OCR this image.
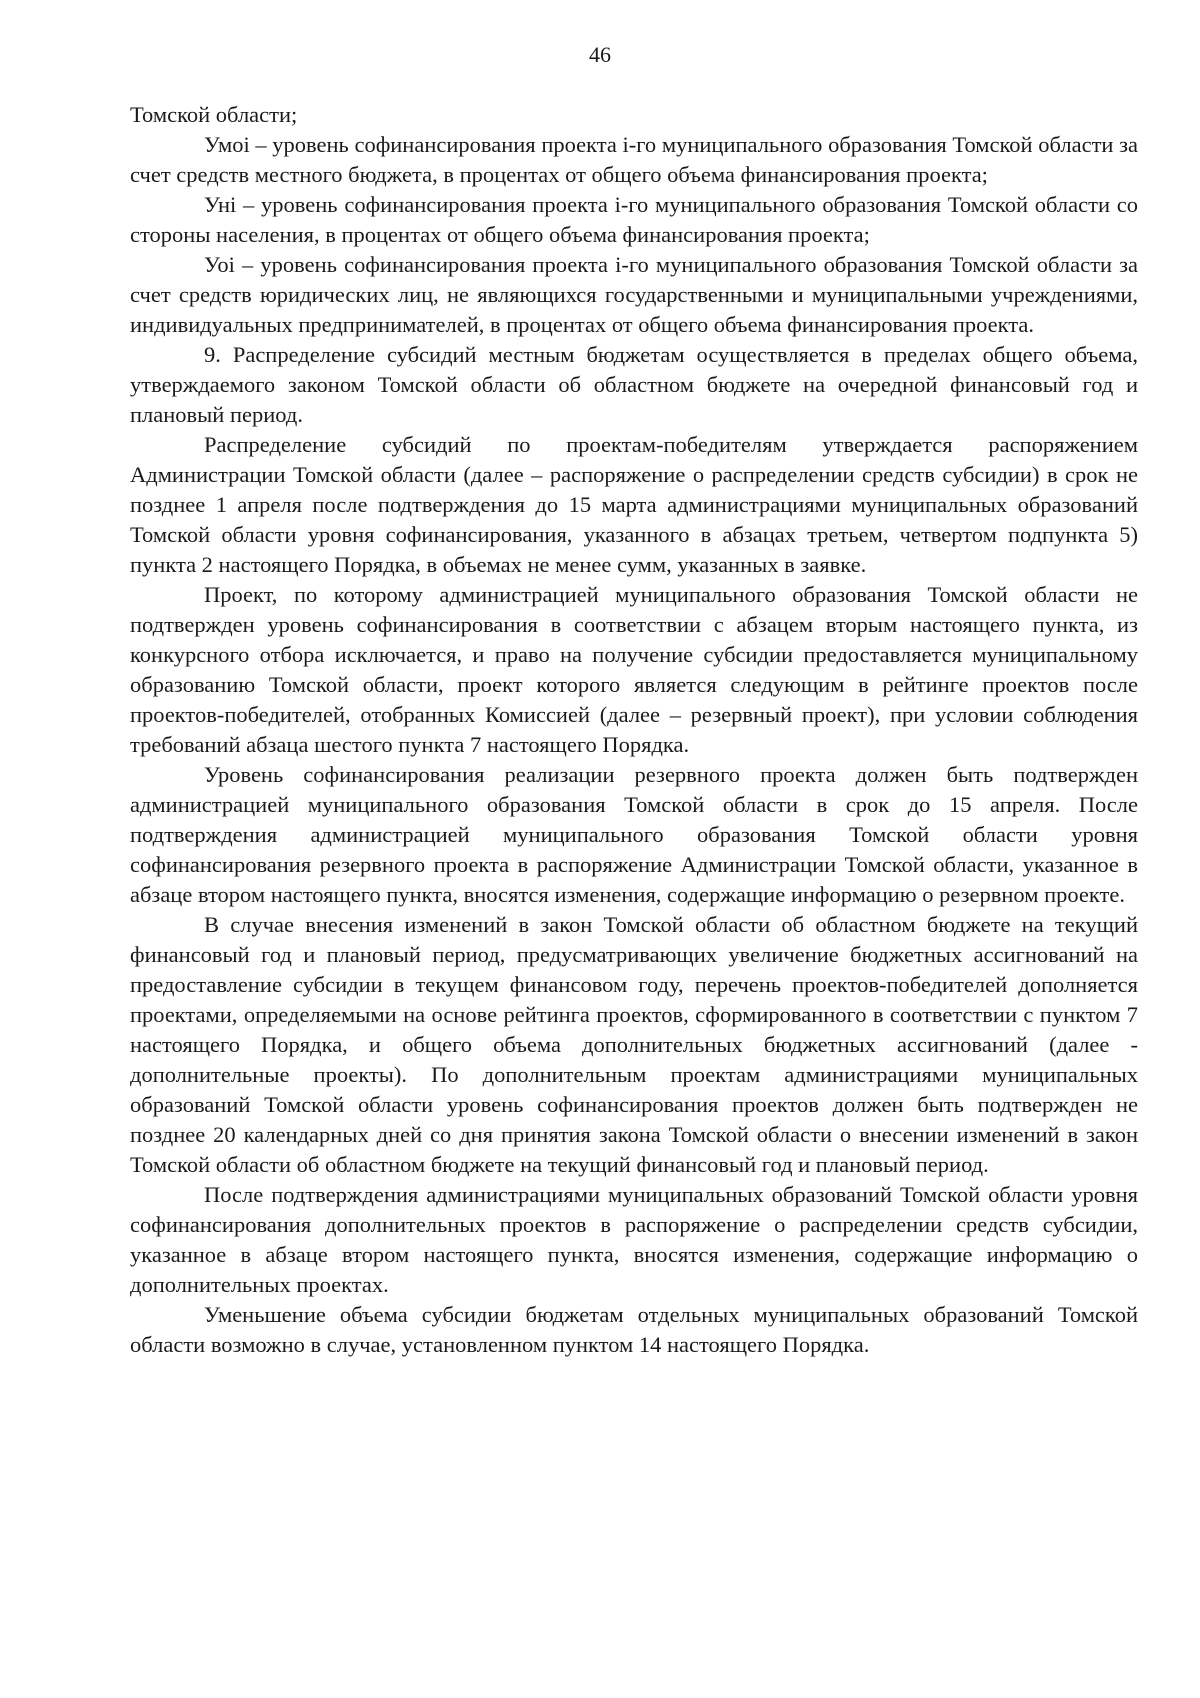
46

Томской области;

Умоi – уровень софинансирования проекта i-го муниципального образования Томской области за счет средств местного бюджета, в процентах от общего объема финансирования проекта;

Уні – уровень софинансирования проекта i-го муниципального образования Томской области со стороны населения, в процентах от общего объема финансирования проекта;

Уоi – уровень софинансирования проекта i-го муниципального образования Томской области за счет средств юридических лиц, не являющихся государственными и муниципальными учреждениями, индивидуальных предпринимателей, в процентах от общего объема финансирования проекта.

9. Распределение субсидий местным бюджетам осуществляется в пределах общего объема, утверждаемого законом Томской области об областном бюджете на очередной финансовый год и плановый период.

Распределение субсидий по проектам-победителям утверждается распоряжением Администрации Томской области (далее – распоряжение о распределении средств субсидии) в срок не позднее 1 апреля после подтверждения до 15 марта администрациями муниципальных образований Томской области уровня софинансирования, указанного в абзацах третьем, четвертом подпункта 5) пункта 2 настоящего Порядка, в объемах не менее сумм, указанных в заявке.

Проект, по которому администрацией муниципального образования Томской области не подтвержден уровень софинансирования в соответствии с абзацем вторым настоящего пункта, из конкурсного отбора исключается, и право на получение субсидии предоставляется муниципальному образованию Томской области, проект которого является следующим в рейтинге проектов после проектов-победителей, отобранных Комиссией (далее – резервный проект), при условии соблюдения требований абзаца шестого пункта 7 настоящего Порядка.

Уровень софинансирования реализации резервного проекта должен быть подтвержден администрацией муниципального образования Томской области в срок до 15 апреля. После подтверждения администрацией муниципального образования Томской области уровня софинансирования резервного проекта в распоряжение Администрации Томской области, указанное в абзаце втором настоящего пункта, вносятся изменения, содержащие информацию о резервном проекте.

В случае внесения изменений в закон Томской области об областном бюджете на текущий финансовый год и плановый период, предусматривающих увеличение бюджетных ассигнований на предоставление субсидии в текущем финансовом году, перечень проектов-победителей дополняется проектами, определяемыми на основе рейтинга проектов, сформированного в соответствии с пунктом 7 настоящего Порядка, и общего объема дополнительных бюджетных ассигнований (далее - дополнительные проекты). По дополнительным проектам администрациями муниципальных образований Томской области уровень софинансирования проектов должен быть подтвержден не позднее 20 календарных дней со дня принятия закона Томской области о внесении изменений в закон Томской области об областном бюджете на текущий финансовый год и плановый период.

После подтверждения администрациями муниципальных образований Томской области уровня софинансирования дополнительных проектов в распоряжение о распределении средств субсидии, указанное в абзаце втором настоящего пункта, вносятся изменения, содержащие информацию о дополнительных проектах.

Уменьшение объема субсидии бюджетам отдельных муниципальных образований Томской области возможно в случае, установленном пунктом 14 настоящего Порядка.
